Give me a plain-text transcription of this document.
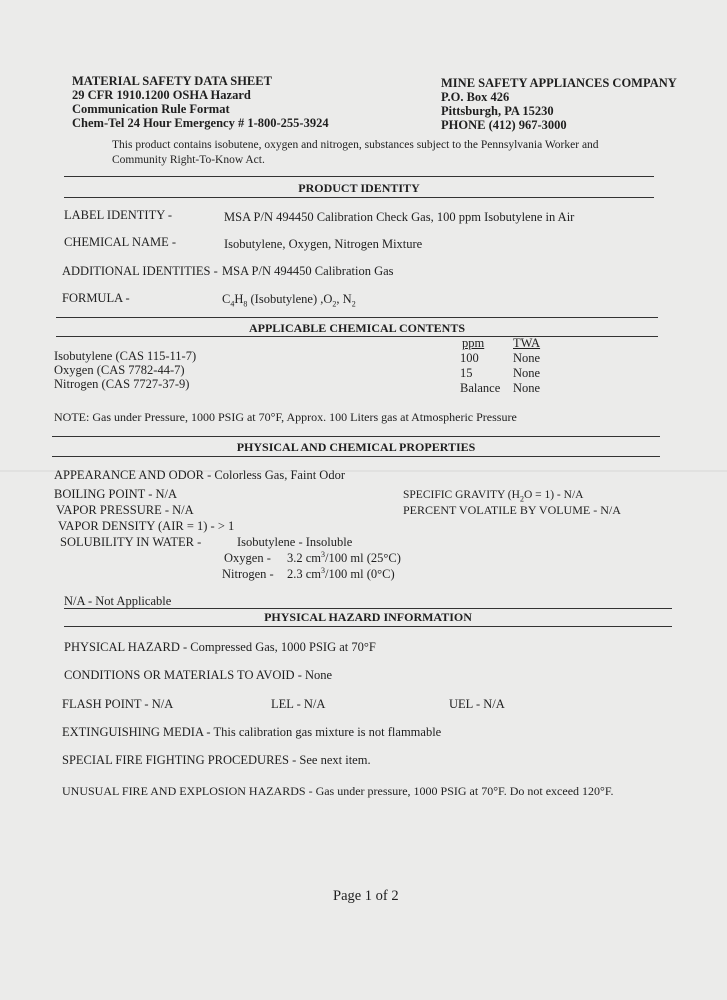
MATERIAL SAFETY DATA SHEET
29 CFR 1910.1200 OSHA Hazard
Communication Rule Format
Chem-Tel 24 Hour Emergency # 1-800-255-3924
MINE SAFETY APPLIANCES COMPANY
P.O. Box 426
Pittsburgh, PA 15230
PHONE (412) 967-3000
This product contains isobutene, oxygen and nitrogen, substances subject to the Pennsylvania Worker and
Community Right-To-Know Act.
PRODUCT IDENTITY
LABEL IDENTITY -	MSA P/N 494450 Calibration Check Gas, 100 ppm Isobutylene in Air
CHEMICAL NAME -	Isobutylene, Oxygen, Nitrogen Mixture
ADDITIONAL IDENTITIES - MSA P/N 494450 Calibration Gas
FORMULA -	$C_4H_8$ (Isobutylene) $,O_2$, $N_2$
APPLICABLE CHEMICAL CONTENTS
ppm TWA
Isobutylene (CAS 115-11-7)	100	None
Oxygen (CAS 7782-44-7)	15	None
Nitrogen (CAS 7727-37-9)	Balance None
NOTE: Gas under Pressure, 1000 PSIG at 70°F, Approx. 100 Liters gas at Atmospheric Pressure
PHYSICAL AND CHEMICAL PROPERTIES
APPEARANCE AND ODOR - Colorless Gas, Faint Odor
BOILING POINT - N/A	SPECIFIC GRAVITY $(H_2O = 1) - N/A$
VAPOR PRESSURE - N/A	PERCENT VOLATILE BY VOLUME - N/A
VAPOR DENSITY (AIR = 1) - > 1
SOLUBILITY IN WATER -	Isobutylene - Insoluble
Oxygen - 3.2 $cm^3/100$ ml (25°C)
Nitrogen - 2.3 $cm^3/100$ ml (0°C)
N/A - Not Applicable
PHYSICAL HAZARD INFORMATION
PHYSICAL HAZARD - Compressed Gas, 1000 PSIG at 70°F
CONDITIONS OR MATERIALS TO AVOID - None
FLASH POINT - N/A	LEL - N/A	UEL - N/A
EXTINGUISHING MEDIA - This calibration gas mixture is not flammable
SPECIAL FIRE FIGHTING PROCEDURES - See next item.
UNUSUAL FIRE AND EXPLOSION HAZARDS - Gas under pressure, 1000 PSIG at 70°F. Do not exceed 120°F.
Page 1 of 2
